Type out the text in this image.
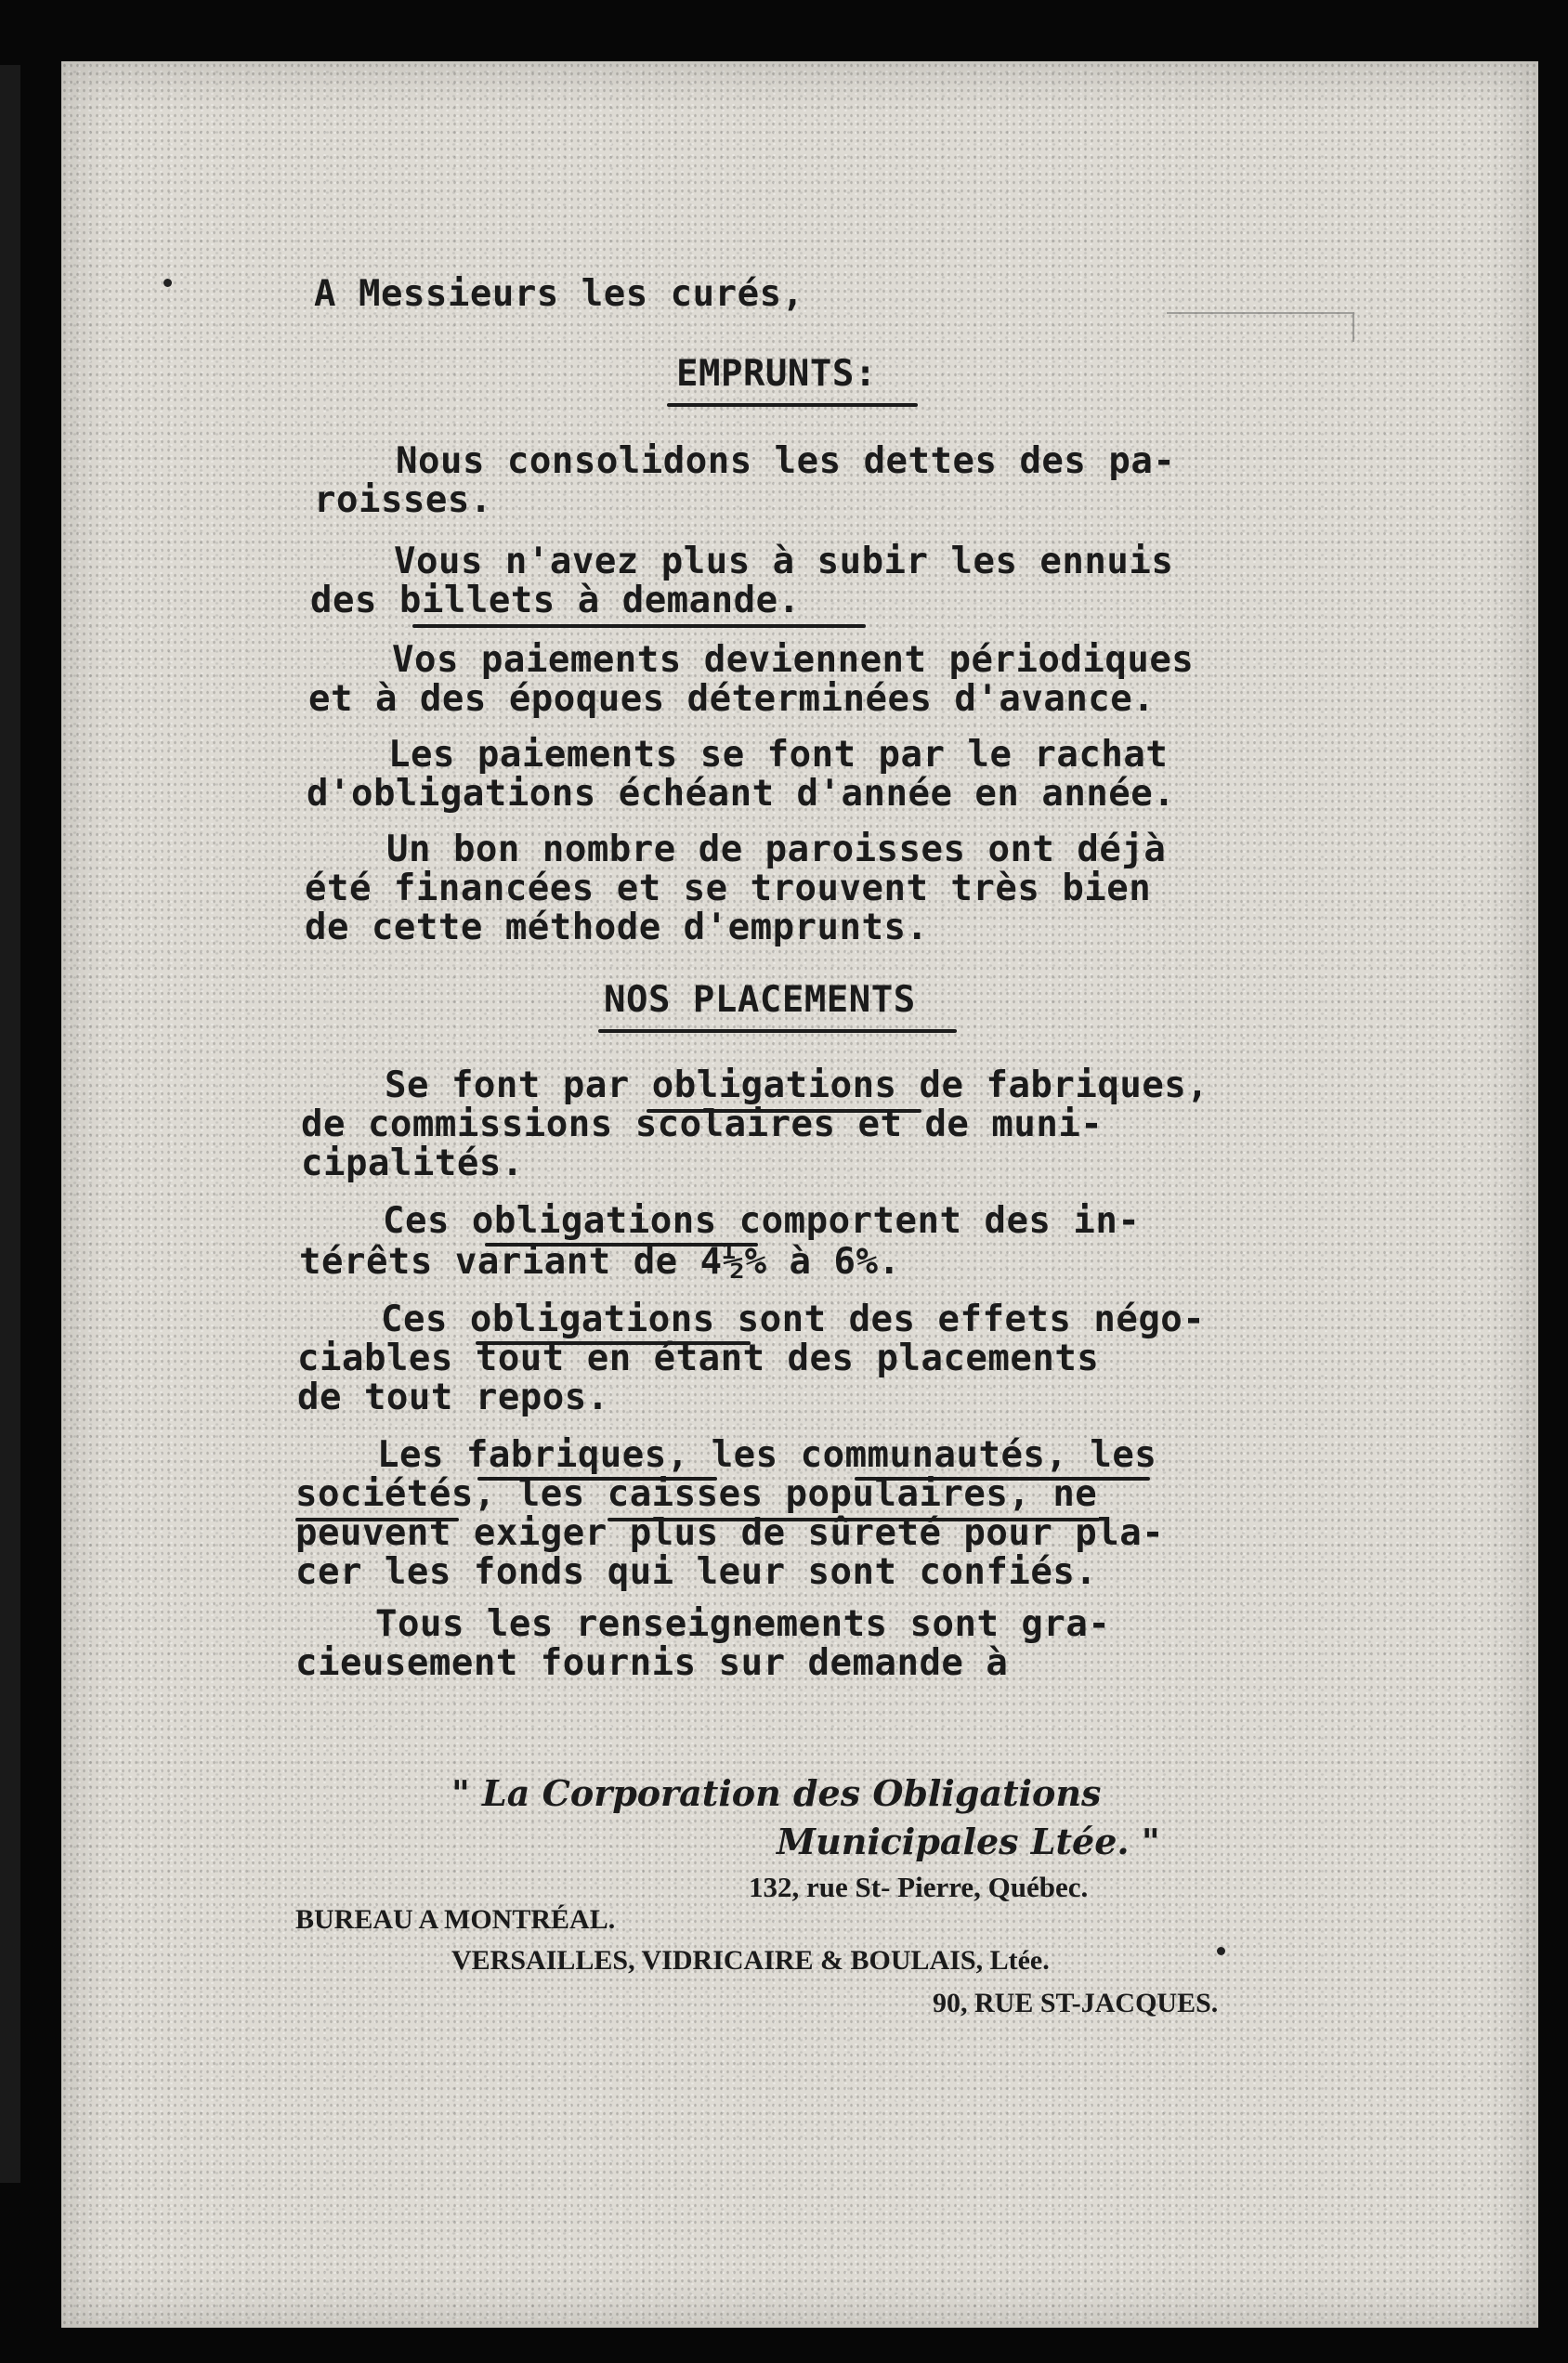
A Messieurs les curés,

EMPRUNTS:

Nous consolidons les dettes des pa-

roisses.

Vous n'avez plus à subir les ennuis

des billets à demande.

Vos paiements deviennent périodiques

et à des époques déterminées d'avance.

Les paiements se font par le rachat

d'obligations échéant d'année en année.

Un bon nombre de paroisses ont déjà

été financées et se trouvent très bien

de cette méthode d'emprunts.

NOS PLACEMENTS

Se font par obligations de fabriques,

de commissions scolaires et de muni-

cipalités.

Ces obligations comportent des in-

térêts variant de 4½% à 6%.

Ces obligations sont des effets négo-

ciables tout en étant des placements

de tout repos.

Les fabriques, les communautés, les

sociétés, les caisses populaires, ne

peuvent exiger plus de sûreté pour pla-

cer les fonds qui leur sont confiés.

Tous les renseignements sont gra-

cieusement fournis sur demande à

" La Corporation des Obligations

Municipales Ltée. "

132, rue St- Pierre, Québec.

BUREAU A MONTRÉAL.

VERSAILLES, VIDRICAIRE & BOULAIS, Ltée.

90, RUE ST-JACQUES.
